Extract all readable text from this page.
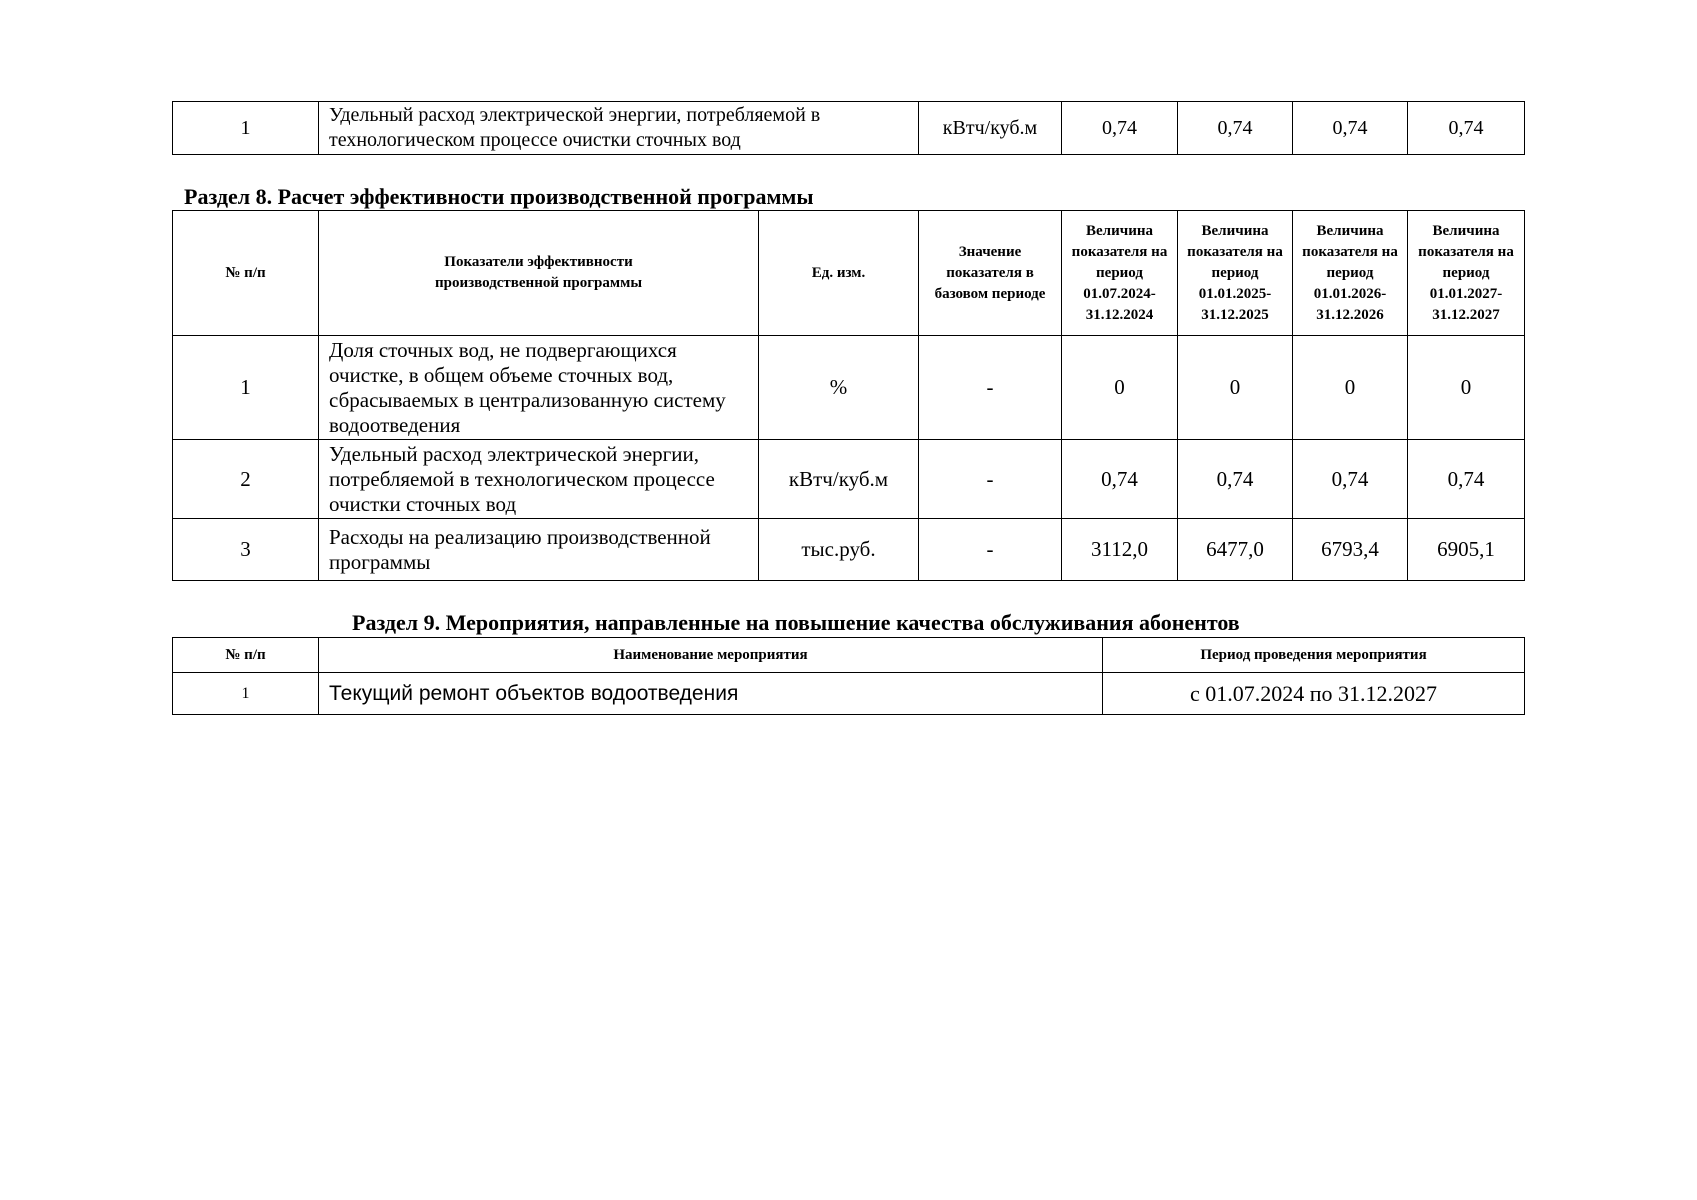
1	Удельный расход электрической энергии, потребляемой в технологическом процессе очистки сточных вод	кВтч/куб.м	0,74	0,74	0,74	0,74
Раздел 8. Расчет эффективности производственной программы
№ п/п	Показатели эффективности производственной программы	Ед. изм.	Значение показателя в базовом периоде	Величина показателя на период 01.07.2024-31.12.2024	Величина показателя на период 01.01.2025-31.12.2025	Величина показателя на период 01.01.2026-31.12.2026	Величина показателя на период 01.01.2027-31.12.2027
1	Доля сточных вод, не подвергающихся очистке, в общем объеме сточных вод, сбрасываемых в централизованную систему водоотведения	%	-	0	0	0	0
2	Удельный расход электрической энергии, потребляемой в технологическом процессе очистки сточных вод	кВтч/куб.м	-	0,74	0,74	0,74	0,74
3	Расходы на реализацию производственной программы	тыс.руб.	-	3112,0	6477,0	6793,4	6905,1
Раздел 9. Мероприятия, направленные на повышение качества обслуживания абонентов
№ п/п	Наименование мероприятия	Период проведения мероприятия
1	Текущий ремонт объектов водоотведения	с 01.07.2024 по 31.12.2027
